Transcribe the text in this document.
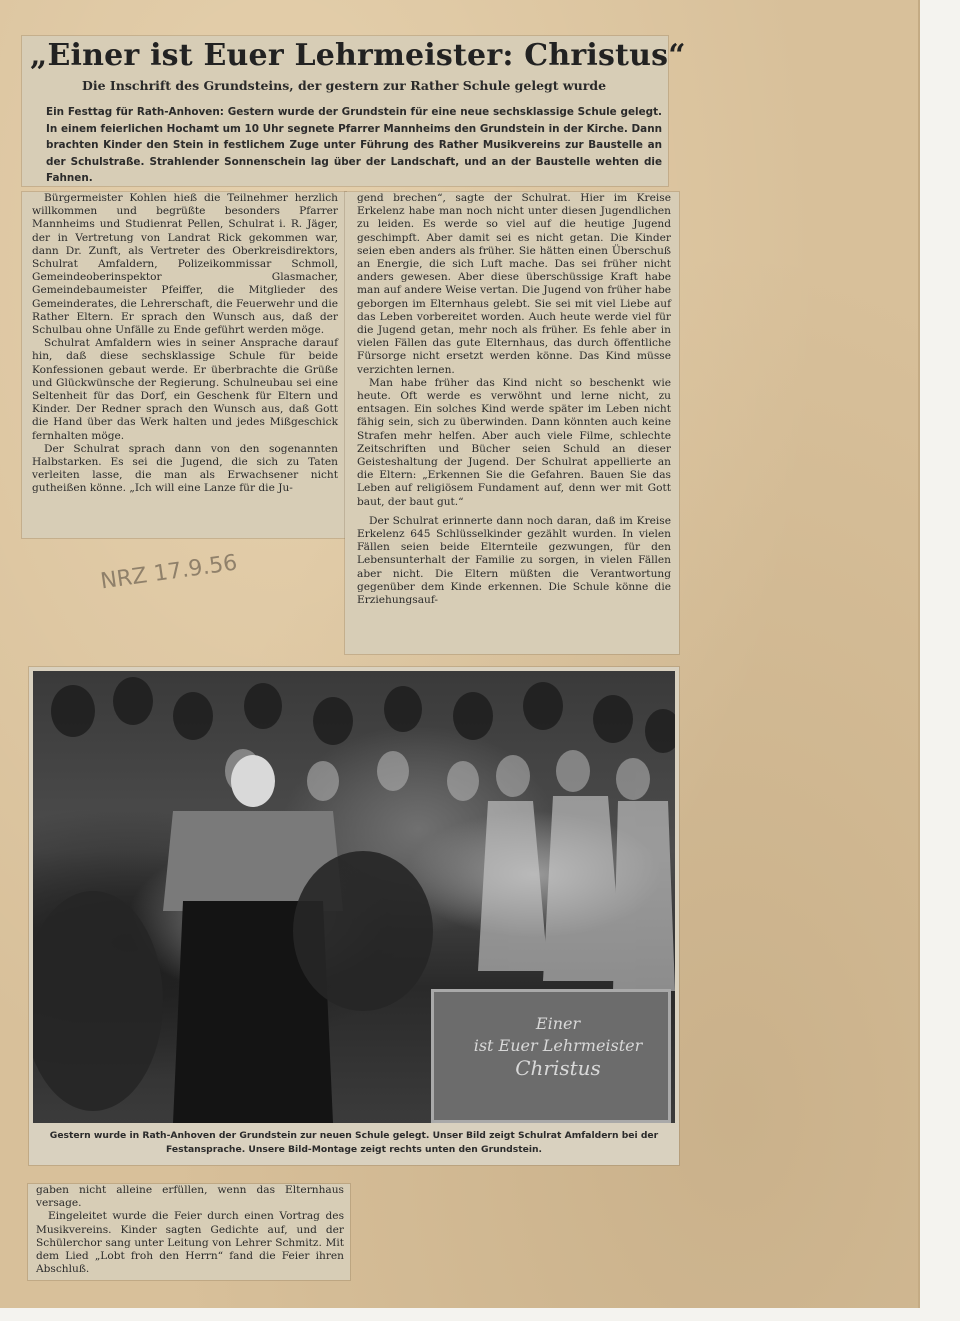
„Einer ist Euer Lehrmeister: Christus“
Die Inschrift des Grundsteins, der gestern zur Rather Schule gelegt wurde
Ein Festtag für Rath-Anhoven: Gestern wurde der Grundstein für eine neue sechsklassige Schule gelegt. In einem feierlichen Hochamt um 10 Uhr segnete Pfarrer Mannheims den Grundstein in der Kirche. Dann brachten Kinder den Stein in festlichem Zuge unter Führung des Rather Musikvereins zur Baustelle an der Schulstraße. Strahlender Sonnenschein lag über der Landschaft, und an der Baustelle wehten die Fahnen.

Bürgermeister Kohlen hieß die Teilnehmer herzlich willkommen und begrüßte besonders Pfarrer Mannheims und Studienrat Pellen, Schulrat i. R. Jäger, der in Vertretung von Landrat Rick gekommen war, dann Dr. Zunft, als Vertreter des Oberkreisdirektors, Schulrat Amfaldern, Polizeikommissar Schmoll, Gemeindeoberinspektor Glasmacher, Gemeindebaumeister Pfeiffer, die Mitglieder des Gemeinderates, die Lehrerschaft, die Feuerwehr und die Rather Eltern. Er sprach den Wunsch aus, daß der Schulbau ohne Unfälle zu Ende geführt werden möge.

Schulrat Amfaldern wies in seiner Ansprache darauf hin, daß diese sechsklassige Schule für beide Konfessionen gebaut werde. Er überbrachte die Grüße und Glückwünsche der Regierung. Schulneubau sei eine Seltenheit für das Dorf, ein Geschenk für Eltern und Kinder. Der Redner sprach den Wunsch aus, daß Gott die Hand über das Werk halten und jedes Mißgeschick fernhalten möge.

Der Schulrat sprach dann von den sogenannten Halbstarken. Es sei die Jugend, die sich zu Taten verleiten lasse, die man als Erwachsener nicht gutheißen könne. „Ich will eine Lanze für die Ju-

gend brechen“, sagte der Schulrat. Hier im Kreise Erkelenz habe man noch nicht unter diesen Jugendlichen zu leiden. Es werde so viel auf die heutige Jugend geschimpft. Aber damit sei es nicht getan. Die Kinder seien eben anders als früher. Sie hätten einen Überschuß an Energie, die sich Luft mache. Das sei früher nicht anders gewesen. Aber diese überschüssige Kraft habe man auf andere Weise vertan. Die Jugend von früher habe geborgen im Elternhaus gelebt. Sie sei mit viel Liebe auf das Leben vorbereitet worden. Auch heute werde viel für die Jugend getan, mehr noch als früher. Es fehle aber in vielen Fällen das gute Elternhaus, das durch öffentliche Fürsorge nicht ersetzt werden könne. Das Kind müsse verzichten lernen.

Man habe früher das Kind nicht so beschenkt wie heute. Oft werde es verwöhnt und lerne nicht, zu entsagen. Ein solches Kind werde später im Leben nicht fähig sein, sich zu überwinden. Dann könnten auch keine Strafen mehr helfen. Aber auch viele Filme, schlechte Zeitschriften und Bücher seien Schuld an dieser Geisteshaltung der Jugend. Der Schulrat appellierte an die Eltern: „Erkennen Sie die Gefahren. Bauen Sie das Leben auf religiösem Fundament auf, denn wer mit Gott baut, der baut gut.“

Der Schulrat erinnerte dann noch daran, daß im Kreise Erkelenz 645 Schlüsselkinder gezählt wurden. In vielen Fällen seien beide Elternteile gezwungen, für den Lebensunterhalt der Familie zu sorgen, in vielen Fällen aber nicht. Die Eltern müßten die Verantwortung gegenüber dem Kinde erkennen. Die Schule könne die Erziehungsauf-

NRZ 17.9.56
Einer
ist Euer Lehrmeister
Christus
Gestern wurde in Rath-Anhoven der Grundstein zur neuen Schule gelegt. Unser Bild zeigt Schulrat Amfaldern bei der Festansprache. Unsere Bild-Montage zeigt rechts unten den Grundstein.

gaben nicht alleine erfüllen, wenn das Elternhaus versage.

Eingeleitet wurde die Feier durch einen Vortrag des Musikvereins. Kinder sagten Gedichte auf, und der Schülerchor sang unter Leitung von Lehrer Schmitz. Mit dem Lied „Lobt froh den Herrn“ fand die Feier ihren Abschluß.
